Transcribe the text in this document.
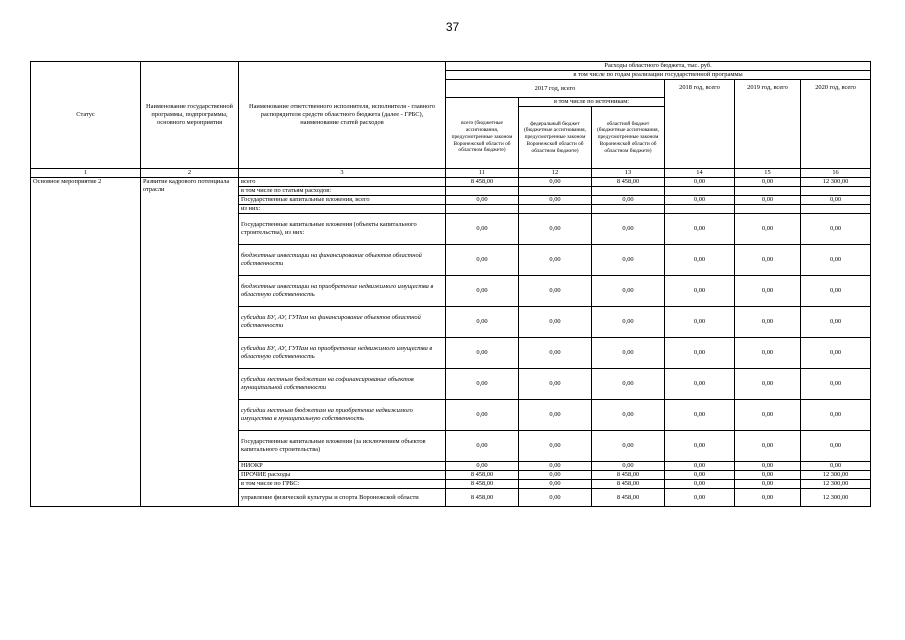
37
Статус	Наименование государственной программы, подпрограммы, основного мероприятия	Наименование ответственного исполнителя, исполнителя - главного распорядителя средств областного бюджета (далее - ГРБС), наименование статей расходов	Расходы областного бюджета, тыс. руб.					
			в том числе по годам реализации государственной программы					
			2017 год, всего			2018 год, всего	2019 год, всего	2020 год, всего
				в том числе по источникам:				
			всего (бюджетные ассигнования, предусмотренные законом Воронежской области об областном бюджете)	федеральный бюджет (бюджетные ассигнования, предусмотренные законом Воронежской области об областном бюджете)	областной бюджет (бюджетные ассигнования, предусмотренные законом Воронежской области об областном бюджете)			
1	2	3	11	12	13	14	15	16
Основное мероприятие 2	Развитие кадрового потенциала отрасли	всего	8 458,00	0,00	8 458,00	0,00	0,00	12 300,00
		в том числе по статьям расходов:						
		Государственные капитальные вложения, всего	0,00	0,00	0,00	0,00	0,00	0,00
		из них:						
		Государственные капитальные вложения (объекты капитального строительства), из них:	0,00	0,00	0,00	0,00	0,00	0,00
		бюджетные инвестиции на финансирование объектов областной собственности	0,00	0,00	0,00	0,00	0,00	0,00
		бюджетные инвестиции на приобретение недвижимого имущества в областную собственность	0,00	0,00	0,00	0,00	0,00	0,00
		субсидии БУ, АУ, ГУПам на финансирование объектов областной собственности	0,00	0,00	0,00	0,00	0,00	0,00
		субсидии БУ, АУ, ГУПам на приобретение недвижимого имущества в областную собственность	0,00	0,00	0,00	0,00	0,00	0,00
		субсидии местным бюджетам на софинансирование объектов муниципальной собственности	0,00	0,00	0,00	0,00	0,00	0,00
		субсидии местным бюджетам на приобретение недвижимого имущества в муниципальную собственность	0,00	0,00	0,00	0,00	0,00	0,00
		Государственные капитальные вложения (за исключением объектов капитального строительства)	0,00	0,00	0,00	0,00	0,00	0,00
		НИОКР	0,00	0,00	0,00	0,00	0,00	0,00
		ПРОЧИЕ расходы	8 458,00	0,00	8 458,00	0,00	0,00	12 300,00
		в том числе по ГРБС:	8 458,00	0,00	8 458,00	0,00	0,00	12 300,00
		управление физической культуры и спорта Воронежской области	8 458,00	0,00	8 458,00	0,00	0,00	12 300,00
